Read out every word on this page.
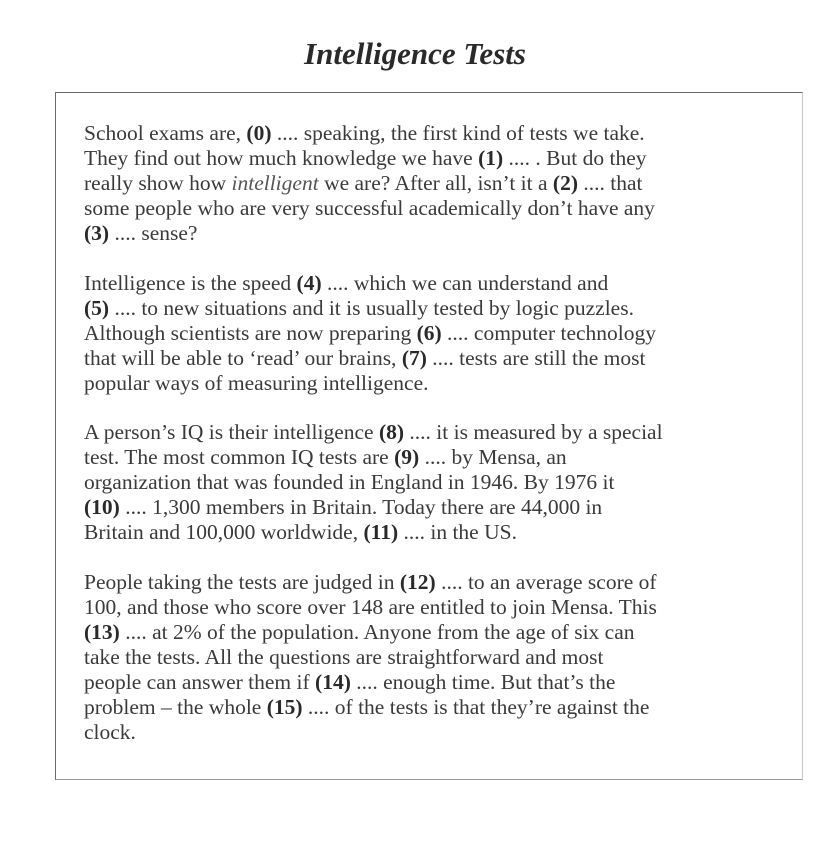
Intelligence Tests
School exams are, (0) .... speaking, the first kind of tests we take.
They find out how much knowledge we have (1) .... . But do they
really show how intelligent we are? After all, isn’t it a (2) .... that
some people who are very successful academically don’t have any
(3) .... sense?
Intelligence is the speed (4) .... which we can understand and
(5) .... to new situations and it is usually tested by logic puzzles.
Although scientists are now preparing (6) .... computer technology
that will be able to ‘read’ our brains, (7) .... tests are still the most
popular ways of measuring intelligence.
A person’s IQ is their intelligence (8) .... it is measured by a special
test. The most common IQ tests are (9) .... by Mensa, an
organization that was founded in England in 1946. By 1976 it
(10) .... 1,300 members in Britain. Today there are 44,000 in
Britain and 100,000 worldwide, (11) .... in the US.
People taking the tests are judged in (12) .... to an average score of
100, and those who score over 148 are entitled to join Mensa. This
(13) .... at 2% of the population. Anyone from the age of six can
take the tests. All the questions are straightforward and most
people can answer them if (14) .... enough time. But that’s the
problem – the whole (15) .... of the tests is that they’re against the
clock.
